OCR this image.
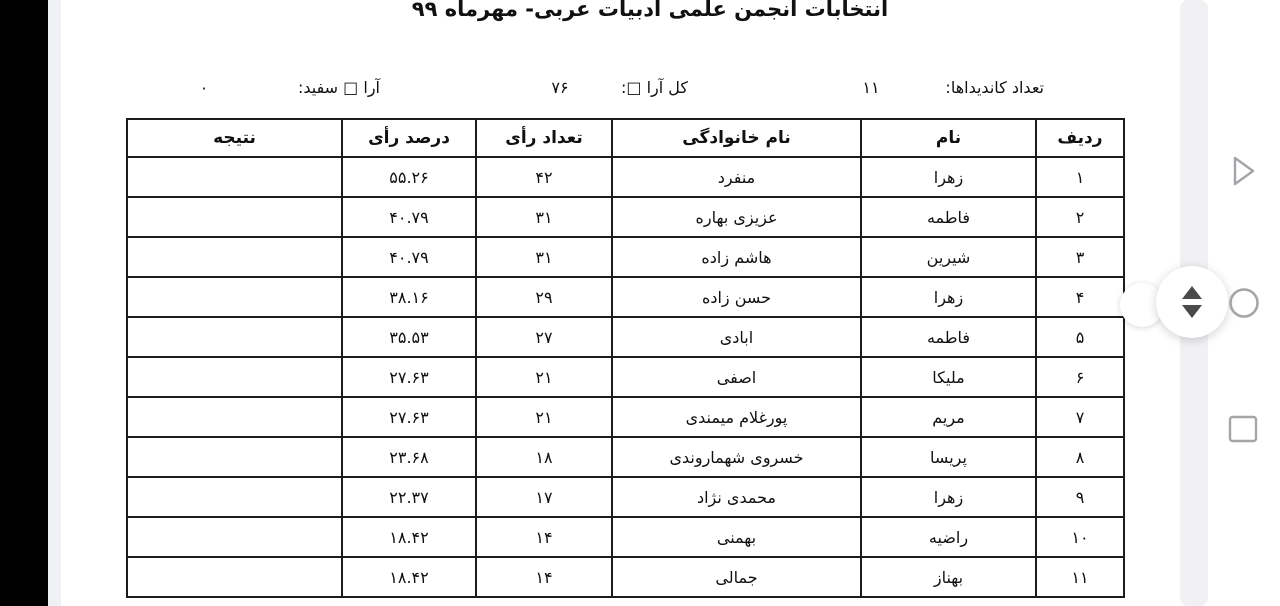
انتخابات انجمن علمی ادبیات عربی- مهرماه ۹۹
تعداد کاندیداها:
۱۱
کل آرا □:
۷۶
آرا □ سفید:
۰
ردیف	نام	نام خانوادگی	تعداد رأی	درصد رأی	نتیجه
۱	زهرا	منفرد	۴۲	۵۵.۲۶	
۲	فاطمه	عزیزی بهاره	۳۱	۴۰.۷۹	
۳	شیرین	هاشم زاده	۳۱	۴۰.۷۹	
۴	زهرا	حسن زاده	۲۹	۳۸.۱۶	
۵	فاطمه	ابادی	۲۷	۳۵.۵۳	
۶	ملیکا	اصفی	۲۱	۲۷.۶۳	
۷	مریم	پورغلام میمندی	۲۱	۲۷.۶۳	
۸	پریسا	خسروی شهماروندی	۱۸	۲۳.۶۸	
۹	زهرا	محمدی نژاد	۱۷	۲۲.۳۷	
۱۰	راضیه	بهمنی	۱۴	۱۸.۴۲	
۱۱	بهناز	جمالی	۱۴	۱۸.۴۲	
